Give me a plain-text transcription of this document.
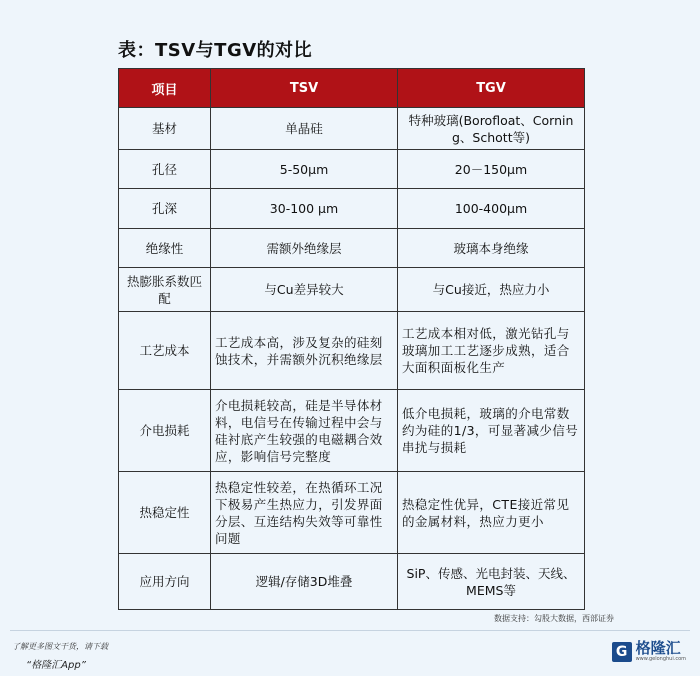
表：TSV与TGV的对比
项目	TSV	TGV
基材	单晶硅	特种玻璃(Borofloat、Corning、Schott等)
孔径	5-50μm	20－150μm
孔深	30-100 μm	100-400μm
绝缘性	需额外绝缘层	玻璃本身绝缘
热膨胀系数匹配	与Cu差异较大	与Cu接近，热应力小
工艺成本	工艺成本高，涉及复杂的硅刻蚀技术，并需额外沉积绝缘层	工艺成本相对低，激光钻孔与玻璃加工工艺逐步成熟，适合大面积面板化生产
介电损耗	介电损耗较高，硅是半导体材料，电信号在传输过程中会与硅衬底产生较强的电磁耦合效应，影响信号完整度	低介电损耗，玻璃的介电常数约为硅的1/3，可显著减少信号串扰与损耗
热稳定性	热稳定性较差，在热循环工况下极易产生热应力，引发界面分层、互连结构失效等可靠性问题	热稳定性优异，CTE接近常见的金属材料，热应力更小
应用方向	逻辑/存储3D堆叠	SiP、传感、光电封装、天线、MEMS等
数据支持：勾股大数据，西部证券
了解更多图文干货，请下载
“格隆汇App”
G 格隆汇
www.gelonghui.com
